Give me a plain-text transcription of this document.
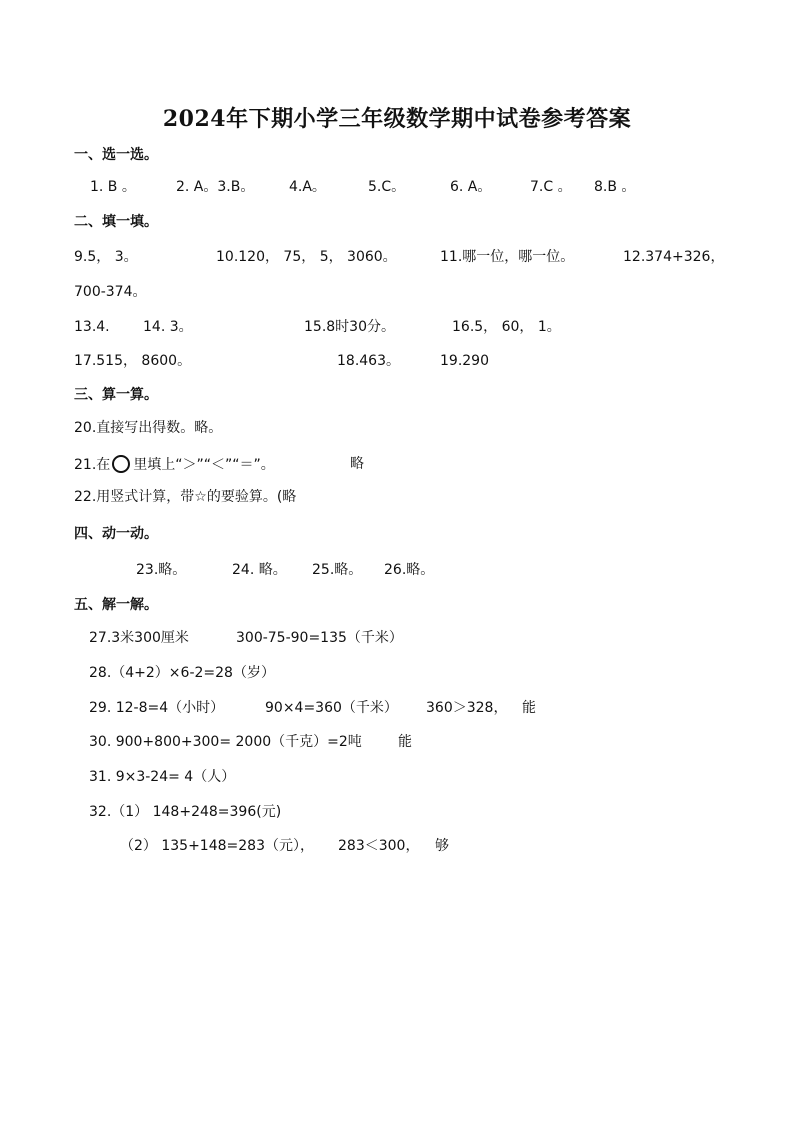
2024年下期小学三年级数学期中试卷参考答案
一、选一选。
1. B 。	2. A。3.B。 4.A。	5.C。	6. A。	7.C 。 8.B 。
二、填一填。
9.5， 3。	10.120， 75， 5， 3060。	11.哪一位，哪一位。	12.374+326，
700-374。
13.4. 14. 3。	15.8时30分。	16.5， 60， 1。
17.515， 8600。	18.463。	19.290
三、算一算。
20.直接写出得数。略。
21.在 里填上“＞”“＜”“＝”。	略
22.用竖式计算，带☆的要验算。(略
四、动一动。
23.略。	24. 略。 25.略。 26.略。
五、解一解。
27.3米300厘米	300-75-90=135（千米）
28.（4+2）×6-2=28（岁）
29. 12-8=4（小时）	90×4=360（千米） 360＞328， 能
30. 900+800+300= 2000（千克）=2吨	能
31. 9×3-24= 4（人）
32.（1） 148+248=396(元)
（2） 135+148=283（元）， 283＜300， 够
